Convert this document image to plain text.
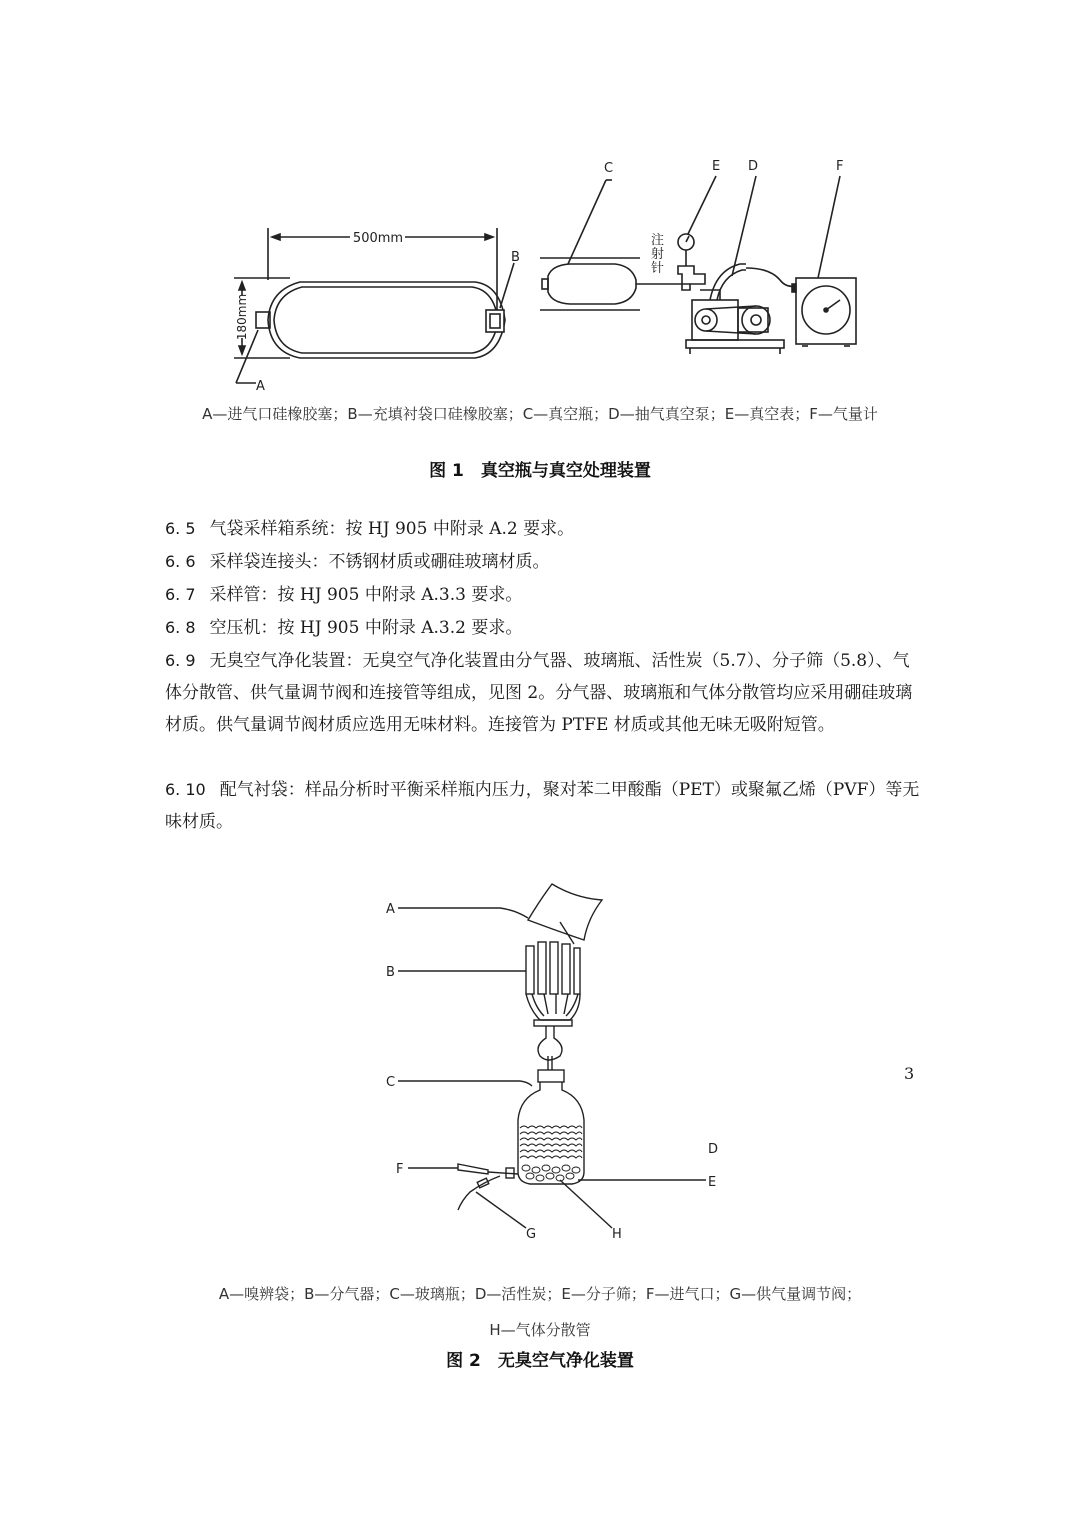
500mm
180mm
A
B
C
注
射
针
E D	F
A—进气口硅橡胶塞；B—充填衬袋口硅橡胶塞；C—真空瓶；D—抽气真空泵；E—真空表；F—气量计
图 1　真空瓶与真空处理装置
6. 5 气袋采样箱系统：按 HJ 905 中附录 A.2 要求。
6. 6 采样袋连接头：不锈钢材质或硼硅玻璃材质。
6. 7 采样管：按 HJ 905 中附录 A.3.3 要求。
6. 8 空压机：按 HJ 905 中附录 A.3.2 要求。
6. 9 无臭空气净化装置：无臭空气净化装置由分气器、玻璃瓶、活性炭（5.7）、分子筛（5.8）、气体分散管、供气量调节阀和连接管等组成，见图 2。分气器、玻璃瓶和气体分散管均应采用硼硅玻璃材质。供气量调节阀材质应选用无味材料。连接管为 PTFE 材质或其他无味无吸附短管。
6. 10 配气衬袋：样品分析时平衡采样瓶内压力，聚对苯二甲酸酯（PET）或聚氟乙烯（PVF）等无味材质。
A
B
C
D
E
F
G	H
A—嗅辨袋；B—分气器；C—玻璃瓶；D—活性炭；E—分子筛；F—进气口；G—供气量调节阀；
H—气体分散管
图 2　无臭空气净化装置
3
